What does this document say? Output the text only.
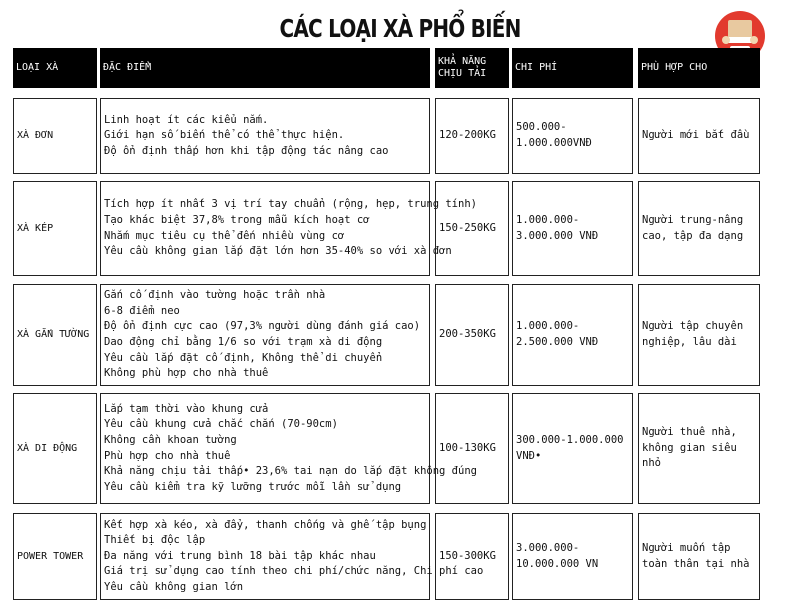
CÁC LOẠI XÀ PHỔ BIẾN
LOẠI XÀ	ĐẶC ĐIỂM
KHẢ NĂNG CHỊU TẢI
CHI PHÍ	PHÙ HỢP CHO
XÀ ĐƠN
Linh hoạt ít các kiểu nắm.
Giới hạn số biến thể có thể thực hiện.
Độ ổn định thấp hơn khi tập động tác nâng cao
120-200KG
500.000- 1.000.000VNĐ
Người mới bắt đầu
XÀ KÉP
Tích hợp ít nhất 3 vị trí tay chuẩn (rộng, hẹp, trung tính)
Tạo khác biệt 37,8% trong mẫu kích hoạt cơ
Nhắm mục tiêu cụ thể đến nhiều vùng cơ
Yêu cầu không gian lắp đặt lớn hơn 35-40% so với xà đơn
150-250KG
1.000.000-3.000.000 VNĐ
Người trung-nâng cao, tập đa dạng
XÀ GẮN TƯỜNG
Gắn cố định vào tường hoặc trần nhà
6-8 điểm neo
Độ ổn định cực cao (97,3% người dùng đánh giá cao)
Dao động chỉ bằng 1/6 so với trạm xà di động
Yêu cầu lắp đặt cố định, Không thể di chuyển
Không phù hợp cho nhà thuê
200-350KG
1.000.000-2.500.000 VNĐ
Người tập chuyên nghiệp, lâu dài
XÀ DI ĐỘNG
Lắp tạm thời vào khung cửa
Yêu cầu khung cửa chắc chắn (70-90cm)
Không cần khoan tường
Phù hợp cho nhà thuê
Khả năng chịu tải thấp• 23,6% tai nạn do lắp đặt không đúng
Yêu cầu kiểm tra kỹ lưỡng trước mỗi lần sử dụng
100-130KG
300.000-1.000.000 VNĐ•
Người thuê nhà, không gian siêu nhỏ
POWER TOWER
Kết hợp xà kéo, xà đẩy, thanh chống và ghế tập bụng
Thiết bị độc lập
Đa năng với trung bình 18 bài tập khác nhau
Giá trị sử dụng cao tính theo chi phí/chức năng, Chi phí cao
Yêu cầu không gian lớn
150-300KG
3.000.000-10.000.000 VN
Người muốn tập toàn thân tại nhà
